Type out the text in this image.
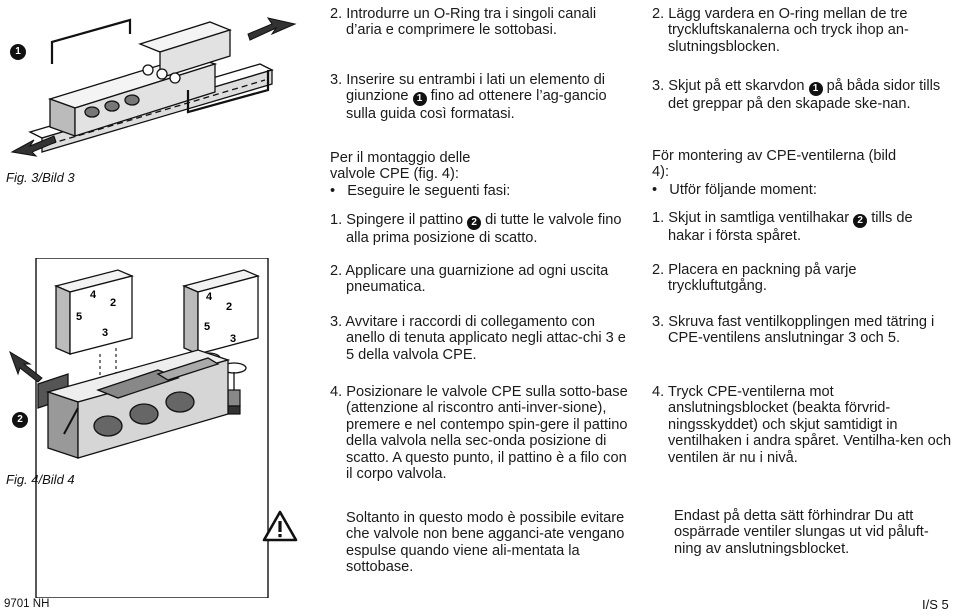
1
Fig. 3/Bild 3
4
2
5
3
4
2
5
3
2
Fig. 4/Bild 4
2. Introdurre un O-Ring tra i singoli canali d’aria e comprimere le sottobasi.
3. Inserire su entrambi i lati un elemento di giunzione 1 fino ad ottenere l’ag-gancio sulla guida così formatasi.
Per il montaggio delle valvole CPE (fig. 4):
•   Eseguire le seguenti fasi:
1. Spingere il pattino 2 di tutte le valvole fino alla prima posizione di scatto.
2. Applicare una guarnizione ad ogni uscita pneumatica.
3. Avvitare i raccordi di collegamento con anello di tenuta applicato negli attac-chi 3 e 5 della valvola CPE.
4. Posizionare le valvole CPE sulla sotto-base (attenzione al riscontro anti-inver-sione), premere e nel contempo spin-gere il pattino della valvola nella sec-onda posizione di scatto. A questo punto, il pattino è a filo con il corpo valvola.
Soltanto in questo modo è possibile evitare che valvole non bene agganci-ate vengano espulse quando viene ali-mentata la sottobase.
2. Lägg vardera en O-ring mellan de tre tryckluftskanalerna och tryck ihop an-slutningsblocken.
3. Skjut på ett skarvdon 1 på båda sidor tills det greppar på den skapade ske-nan.
För montering av CPE-ventilerna (bild 4):
•   Utför följande moment:
1. Skjut in samtliga ventilhakar 2 tills de hakar i första spåret.
2. Placera en packning på varje tryckluftutgång.
3. Skruva fast ventilkopplingen med tätring i CPE-ventilens anslutningar 3 och 5.
4. Tryck CPE-ventilerna mot anslutningsblocket (beakta förvrid-ningsskyddet) och skjut samtidigt in ventilhaken i andra spåret. Ventilha-ken och ventilen är nu i nivå.
Endast på detta sätt förhindrar Du att ospärrade ventiler slungas ut vid påluft-ning av anslutningsblocket.
9701 NH	I/S 5
